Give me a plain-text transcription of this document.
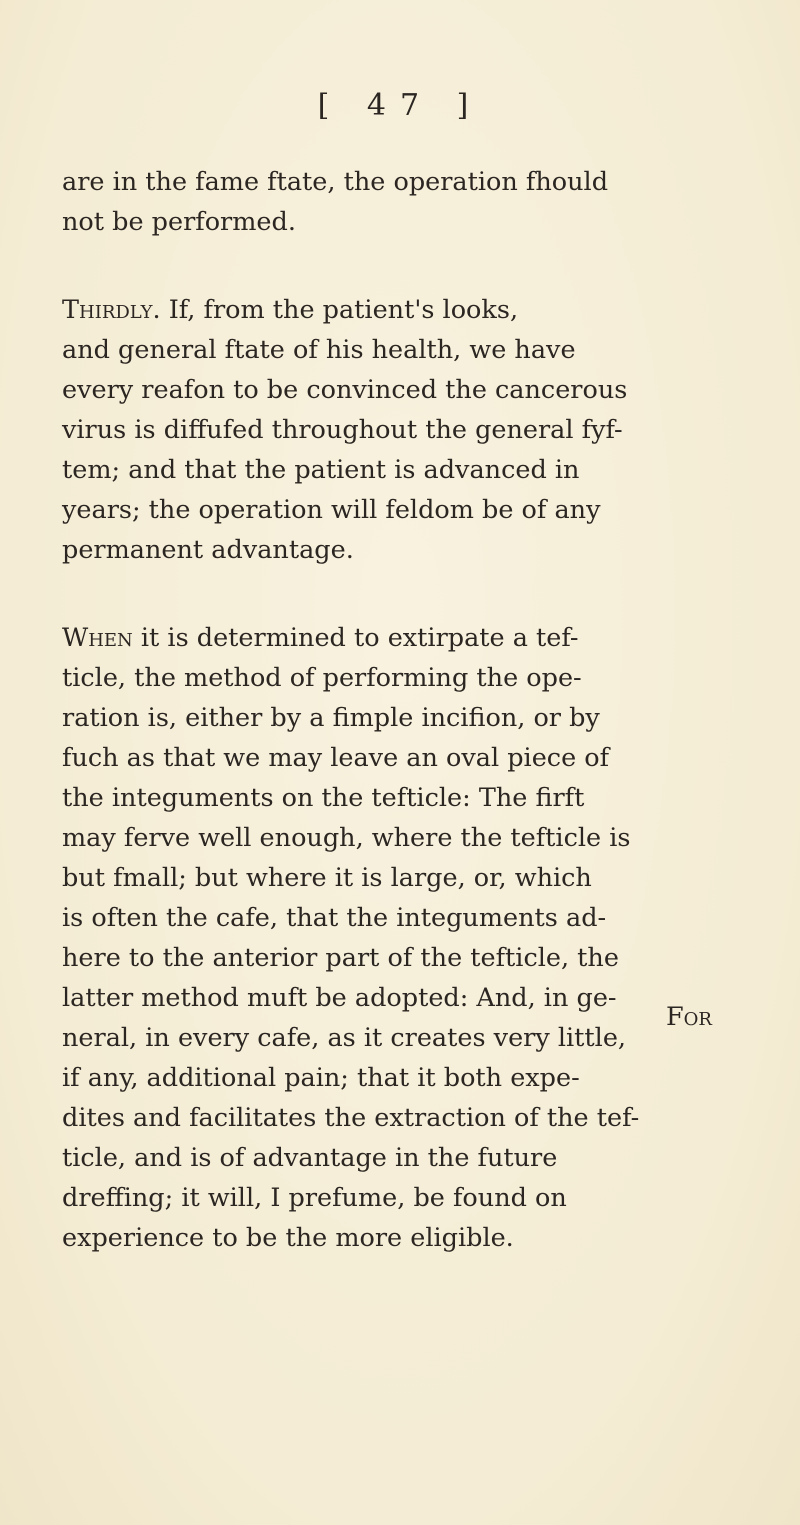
[ 47 ]
are in the fame ftate, the operation fhould
not be performed.
Thirdly. If, from the patient's looks,
and general ftate of his health, we have
every reafon to be convinced the cancerous
virus is diffufed throughout the general fyf-
tem; and that the patient is advanced in
years; the operation will feldom be of any
permanent advantage.
When it is determined to extirpate a tef-
ticle, the method of performing the ope-
ration is, either by a fimple incifion, or by
fuch as that we may leave an oval piece of
the integuments on the tefticle: The firft
may ferve well enough, where the tefticle is
but fmall; but where it is large, or, which
is often the cafe, that the integuments ad-
here to the anterior part of the tefticle, the
latter method muft be adopted: And, in ge-
neral, in every cafe, as it creates very little,
if any, additional pain; that it both expe-
dites and facilitates the extraction of the tef-
ticle, and is of advantage in the future
dreffing; it will, I prefume, be found on
experience to be the more eligible.
For
